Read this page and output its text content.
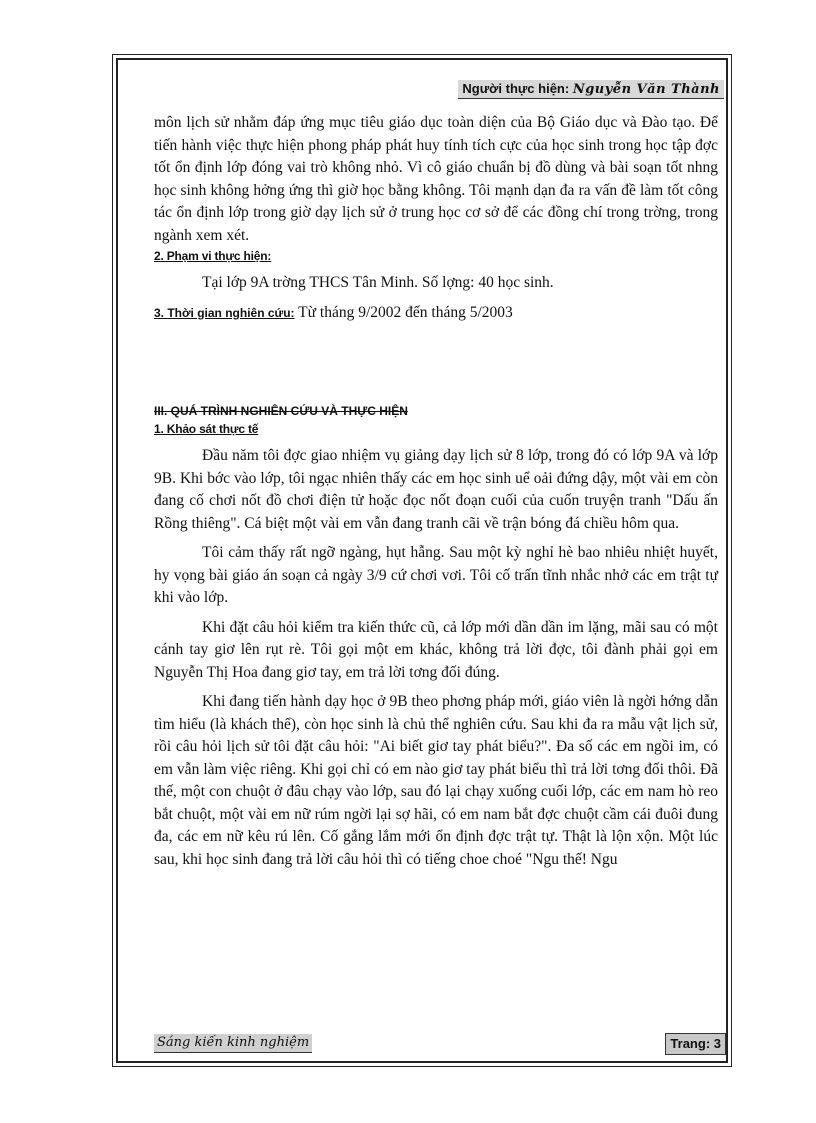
Người thực hiện: Nguyễn Văn Thành

môn lịch sử nhằm đáp ứng mục tiêu giáo dục toàn diện của Bộ Giáo dục và Đào tạo. Để tiến hành việc thực hiện phong pháp phát huy tính tích cực của học sinh trong học tập đợc tốt ổn định lớp đóng vai trò không nhỏ. Vì cô giáo chuẩn bị đồ dùng và bài soạn tốt nhng học sinh không hởng ứng thì giờ học bằng không. Tôi mạnh dạn đa ra vấn đề làm tốt công tác ổn định lớp trong giờ dạy lịch sử ở trung học cơ sở để các đồng chí trong trờng, trong ngành xem xét.

2. Phạm vi thực hiện:

Tại lớp 9A trờng THCS Tân Minh. Số lợng: 40 học sinh.

3. Thời gian nghiên cứu: Từ tháng 9/2002 đến tháng 5/2003

III. QUÁ TRÌNH NGHIÊN CỨU VÀ THỰC HIỆN
1. Khảo sát thực tế

Đầu năm tôi đợc giao nhiệm vụ giảng dạy lịch sử 8 lớp, trong đó có lớp 9A và lớp 9B. Khi bớc vào lớp, tôi ngạc nhiên thấy các em học sinh uể oải đứng dậy, một vài em còn đang cố chơi nốt đồ chơi điện tử hoặc đọc nốt đoạn cuối của cuốn truyện tranh "Dấu ấn Rồng thiêng". Cá biệt một vài em vẫn đang tranh cãi về trận bóng đá chiều hôm qua.

Tôi cảm thấy rất ngỡ ngàng, hụt hẫng. Sau một kỳ nghỉ hè bao nhiêu nhiệt huyết, hy vọng bài giáo án soạn cả ngày 3/9 cứ chơi vơi. Tôi cố trấn tĩnh nhắc nhở các em trật tự khi vào lớp.

Khi đặt câu hỏi kiểm tra kiến thức cũ, cả lớp mới dần dần im lặng, mãi sau có một cánh tay giơ lên rụt rè. Tôi gọi một em khác, không trả lời đợc, tôi đành phải gọi em Nguyễn Thị Hoa đang giơ tay, em trả lời tơng đối đúng.

Khi đang tiến hành dạy học ở 9B theo phơng pháp mới, giáo viên là ngời hớng dẫn tìm hiểu (là khách thể), còn học sinh là chủ thể nghiên cứu. Sau khi đa ra mẫu vật lịch sử, rồi câu hỏi lịch sử tôi đặt câu hỏi: "Ai biết giơ tay phát biểu?". Đa số các em ngồi im, có em vẫn làm việc riêng. Khi gọi chỉ có em nào giơ tay phát biểu thì trả lời tơng đối thôi. Đã thế, một con chuột ở đâu chạy vào lớp, sau đó lại chạy xuống cuối lớp, các em nam hò reo bắt chuột, một vài em nữ rúm ngời lại sợ hãi, có em nam bắt đợc chuột cầm cái đuôi đung đa, các em nữ kêu rú lên. Cố gắng lắm mới ổn định đợc trật tự. Thật là lộn xộn. Một lúc sau, khi học sinh đang trả lời câu hỏi thì có tiếng choe choé "Ngu thế! Ngu

Sáng kiến kinh nghiệm	Trang: 3
